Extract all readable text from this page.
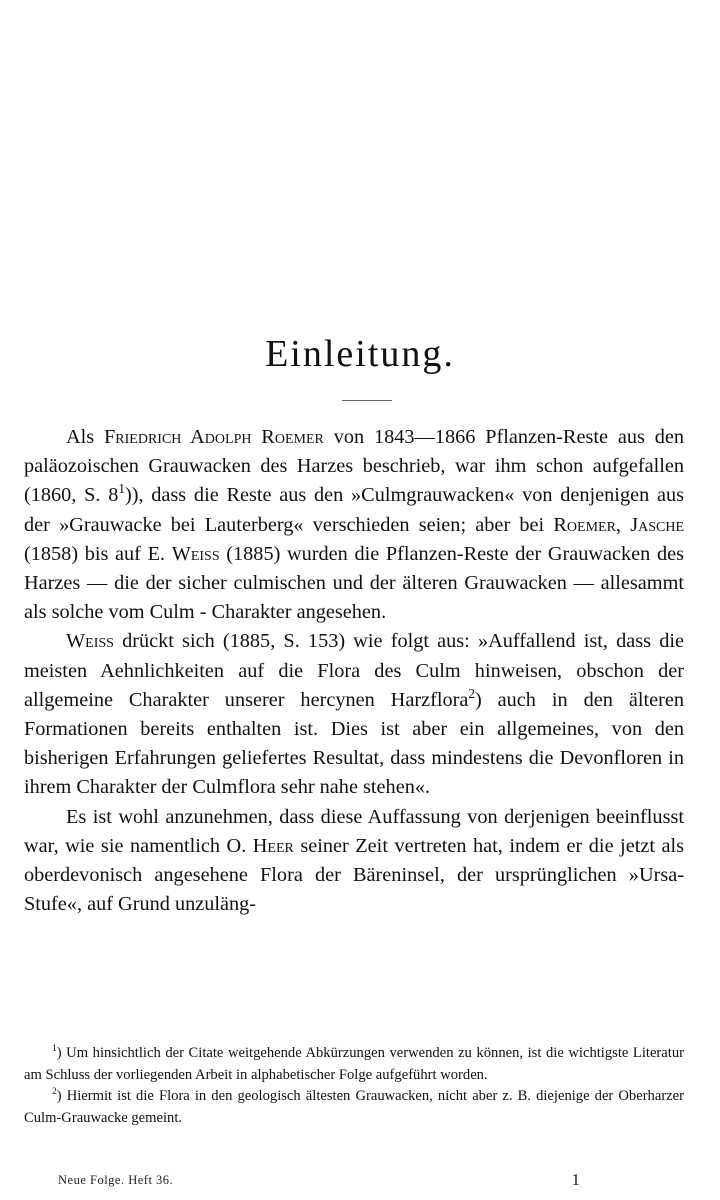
Einleitung.

Als Friedrich Adolph Roemer von 1843—1866 Pflanzen-Reste aus den paläozoischen Grauwacken des Harzes beschrieb, war ihm schon aufgefallen (1860, S. $8^1$)), dass die Reste aus den »Culmgrauwacken« von denjenigen aus der »Grauwacke bei Lauterberg« verschieden seien; aber bei Roemer, Jasche (1858) bis auf E. Weiss (1885) wurden die Pflanzen-Reste der Grauwacken des Harzes — die der sicher culmischen und der älteren Grauwacken — allesammt als solche vom Culm - Charakter angesehen.

Weiss drückt sich (1885, S. 153) wie folgt aus: »Auffallend ist, dass die meisten Aehnlichkeiten auf die Flora des Culm hinweisen, obschon der allgemeine Charakter unserer hercynen Harzflora$^2$) auch in den älteren Formationen bereits enthalten ist. Dies ist aber ein allgemeines, von den bisherigen Erfahrungen geliefertes Resultat, dass mindestens die Devonfloren in ihrem Charakter der Culmflora sehr nahe stehen«.

Es ist wohl anzunehmen, dass diese Auffassung von derjenigen beeinflusst war, wie sie namentlich O. Heer seiner Zeit vertreten hat, indem er die jetzt als oberdevonisch angesehene Flora der Bäreninsel, der ursprünglichen »Ursa-Stufe«, auf Grund unzuläng-

$^1$) Um hinsichtlich der Citate weitgehende Abkürzungen verwenden zu können, ist die wichtigste Literatur am Schluss der vorliegenden Arbeit in alphabetischer Folge aufgeführt worden.

$^2$) Hiermit ist die Flora in den geologisch ältesten Grauwacken, nicht aber z. B. diejenige der Oberharzer Culm-Grauwacke gemeint.

Neue Folge. Heft 36.	1
